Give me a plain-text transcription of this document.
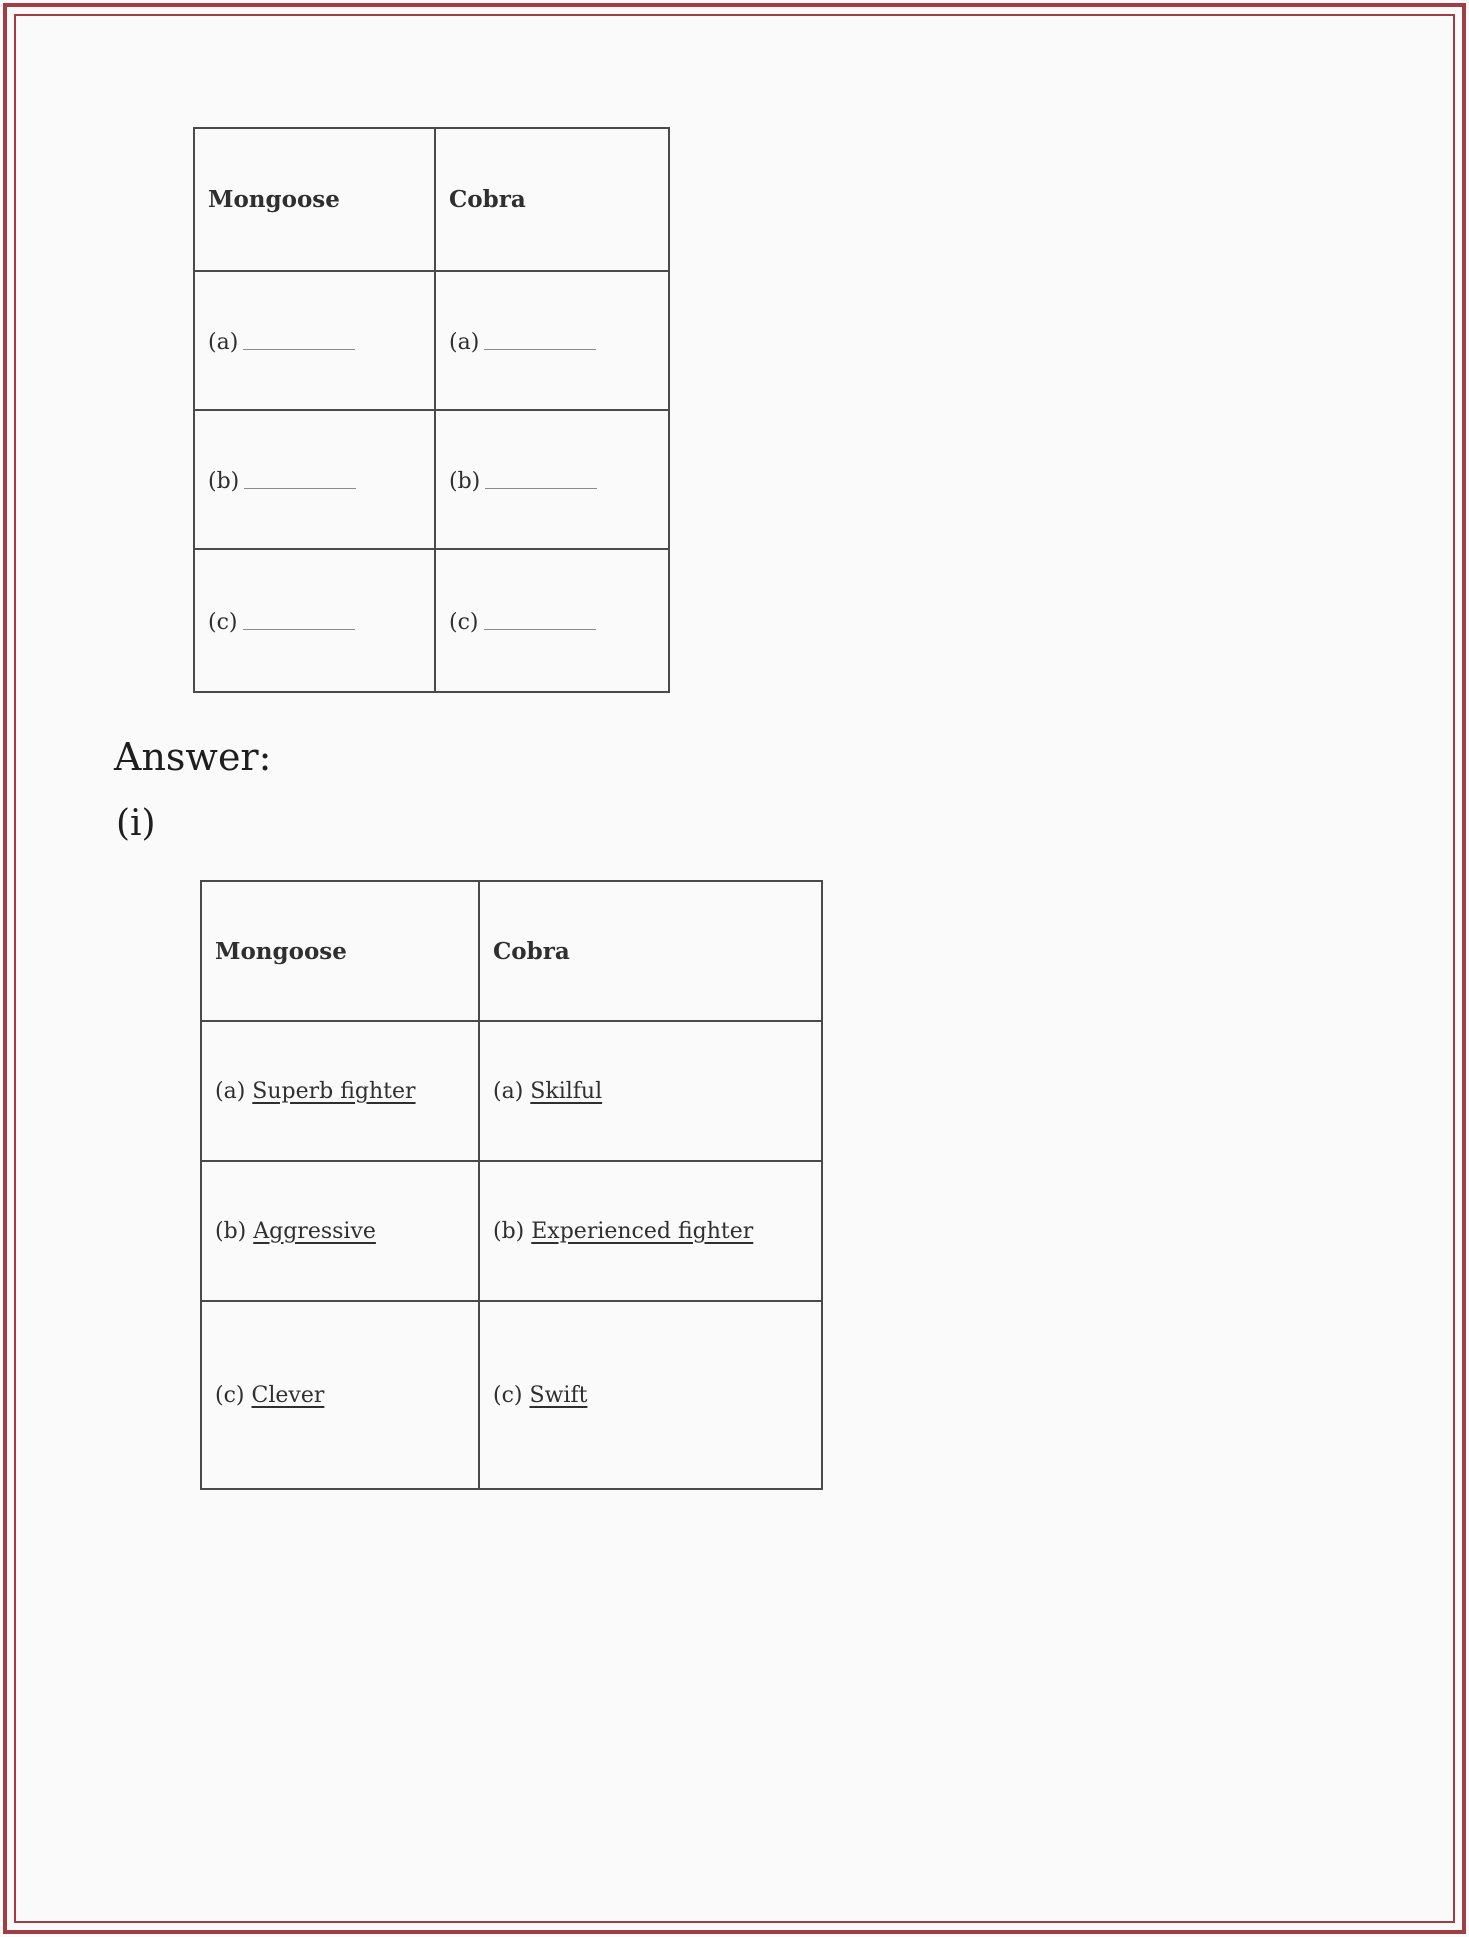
Mongoose	Cobra
(a)	(a)
(b)	(b)
(c)	(c)
Answer:
(i)
Mongoose	Cobra
(a) Superb fighter	(a) Skilful
(b) Aggressive	(b) Experienced fighter
(c) Clever	(c) Swift
